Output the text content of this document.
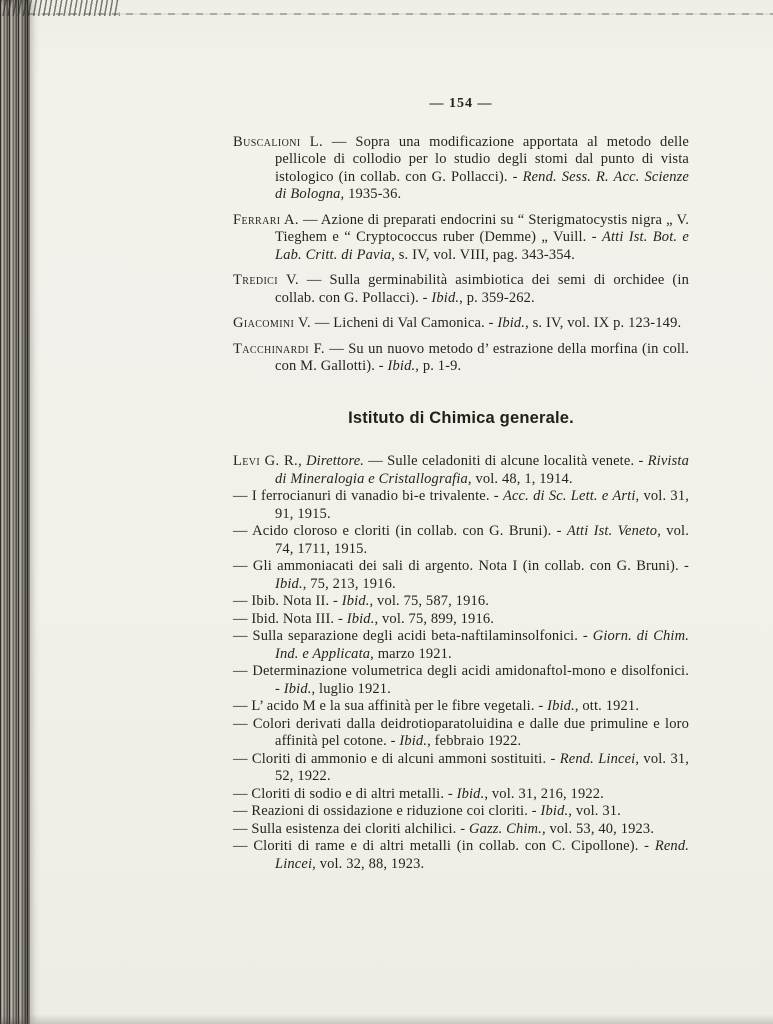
— 154 —
Buscalioni L. — Sopra una modificazione apportata al metodo delle pellicole di collodio per lo studio degli stomi dal punto di vista istologico (in collab. con G. Pollacci). - Rend. Sess. R. Acc. Scienze di Bologna, 1935-36.
Ferrari A. — Azione di preparati endocrini su “ Sterigmatocystis nigra „ V. Tieghem e “ Cryptococcus ruber (Demme) „ Vuill. - Atti Ist. Bot. e Lab. Critt. di Pavia, s. IV, vol. VIII, pag. 343-354.
Tredici V. — Sulla germinabilità asimbiotica dei semi di orchidee (in collab. con G. Pollacci). - Ibid., p. 359-262.
Giacomini V. — Licheni di Val Camonica. - Ibid., s. IV, vol. IX p. 123-149.
Tacchinardi F. — Su un nuovo metodo d’ estrazione della morfina (in coll. con M. Gallotti). - Ibid., p. 1-9.
Istituto di Chimica generale.
Levi G. R., Direttore. — Sulle celadoniti di alcune località venete. - Rivista di Mineralogia e Cristallografia, vol. 48, 1, 1914.
— I ferrocianuri di vanadio bi-e trivalente. - Acc. di Sc. Lett. e Arti, vol. 31, 91, 1915.
— Acido cloroso e cloriti (in collab. con G. Bruni). - Atti Ist. Veneto, vol. 74, 1711, 1915.
— Gli ammoniacati dei sali di argento. Nota I (in collab. con G. Bruni). - Ibid., 75, 213, 1916.
— Ibib. Nota II. - Ibid., vol. 75, 587, 1916.
— Ibid. Nota III. - Ibid., vol. 75, 899, 1916.
— Sulla separazione degli acidi beta-naftilaminsolfonici. - Giorn. di Chim. Ind. e Applicata, marzo 1921.
— Determinazione volumetrica degli acidi amidonaftol-mono e disolfonici. - Ibid., luglio 1921.
— L’ acido M e la sua affinità per le fibre vegetali. - Ibid., ott. 1921.
— Colori derivati dalla deidrotioparatoluidina e dalle due primuline e loro affinità pel cotone. - Ibid., febbraio 1922.
— Cloriti di ammonio e di alcuni ammoni sostituiti. - Rend. Lincei, vol. 31, 52, 1922.
— Cloriti di sodio e di altri metalli. - Ibid., vol. 31, 216, 1922.
— Reazioni di ossidazione e riduzione coi cloriti. - Ibid., vol. 31.
— Sulla esistenza dei cloriti alchilici. - Gazz. Chim., vol. 53, 40, 1923.
— Cloriti di rame e di altri metalli (in collab. con C. Cipollone). - Rend. Lincei, vol. 32, 88, 1923.
